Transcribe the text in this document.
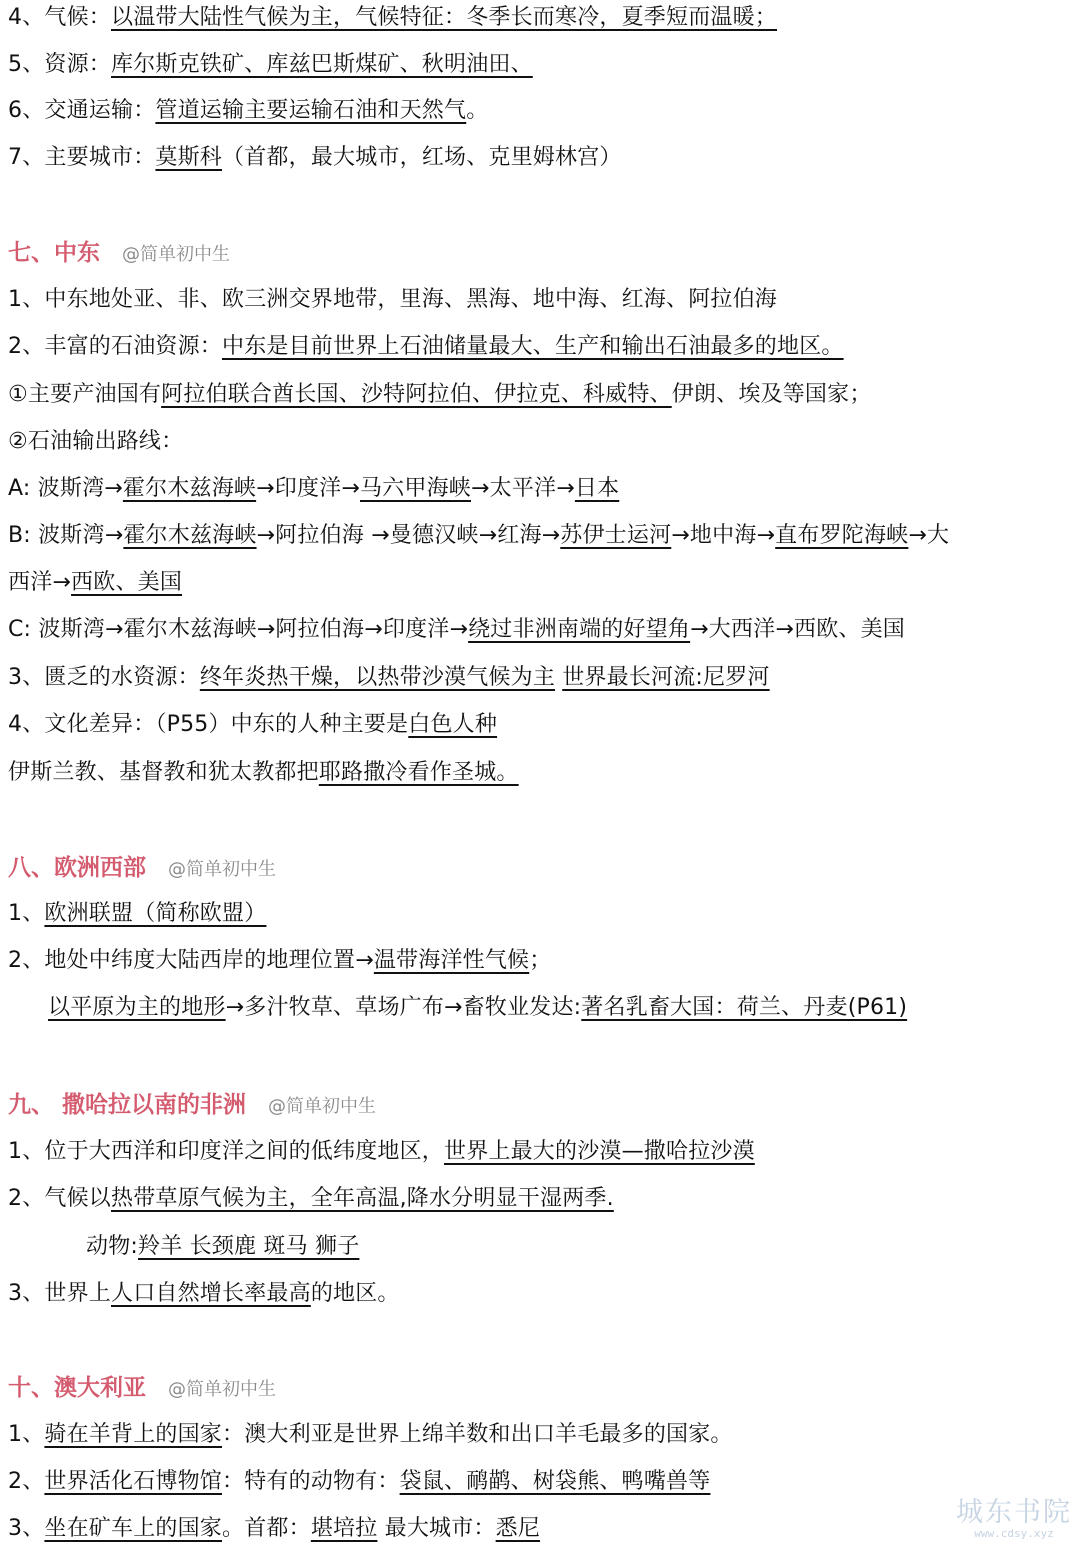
七、中东 @简单初中生
八、欧洲西部 @简单初中生
九、 撒哈拉以南的非洲 @简单初中生
十、澳大利亚 @简单初中生
4、气候：以温带大陆性气候为主，气候特征：冬季长而寒冷，夏季短而温暖；
5、资源：库尔斯克铁矿、库兹巴斯煤矿、秋明油田、
6、交通运输：管道运输主要运输石油和天然气。
7、主要城市：莫斯科（首都，最大城市，红场、克里姆林宫）
1、中东地处亚、非、欧三洲交界地带，里海、黑海、地中海、红海、阿拉伯海
2、丰富的石油资源：中东是目前世界上石油储量最大、生产和输出石油最多的地区。
①主要产油国有阿拉伯联合酋长国、沙特阿拉伯、伊拉克、科威特、伊朗、埃及等国家；
②石油输出路线：
A: 波斯湾→霍尔木兹海峡→印度洋→马六甲海峡→太平洋→日本
B: 波斯湾→霍尔木兹海峡→阿拉伯海 →曼德汉峡→红海→苏伊士运河→地中海→直布罗陀海峡→大
西洋→西欧、美国
C: 波斯湾→霍尔木兹海峡→阿拉伯海→印度洋→绕过非洲南端的好望角→大西洋→西欧、美国
3、匮乏的水资源：终年炎热干燥，以热带沙漠气候为主 世界最长河流:尼罗河
4、文化差异：（P55）中东的人种主要是白色人种
伊斯兰教、基督教和犹太教都把耶路撒冷看作圣城。
1、欧洲联盟（简称欧盟）
2、地处中纬度大陆西岸的地理位置→温带海洋性气候；
以平原为主的地形→多汁牧草、草场广布→畜牧业发达:著名乳畜大国：荷兰、丹麦(P61)
1、位于大西洋和印度洋之间的低纬度地区，世界上最大的沙漠—撒哈拉沙漠
2、气候以热带草原气候为主，全年高温,降水分明显干湿两季.
动物:羚羊 长颈鹿 斑马 狮子
3、世界上人口自然增长率最高的地区。
1、骑在羊背上的国家：澳大利亚是世界上绵羊数和出口羊毛最多的国家。
2、世界活化石博物馆：特有的动物有：袋鼠、鸸鹋、树袋熊、鸭嘴兽等
3、坐在矿车上的国家。首都：堪培拉 最大城市：悉尼
城东书院
www.cdsy.xyz
